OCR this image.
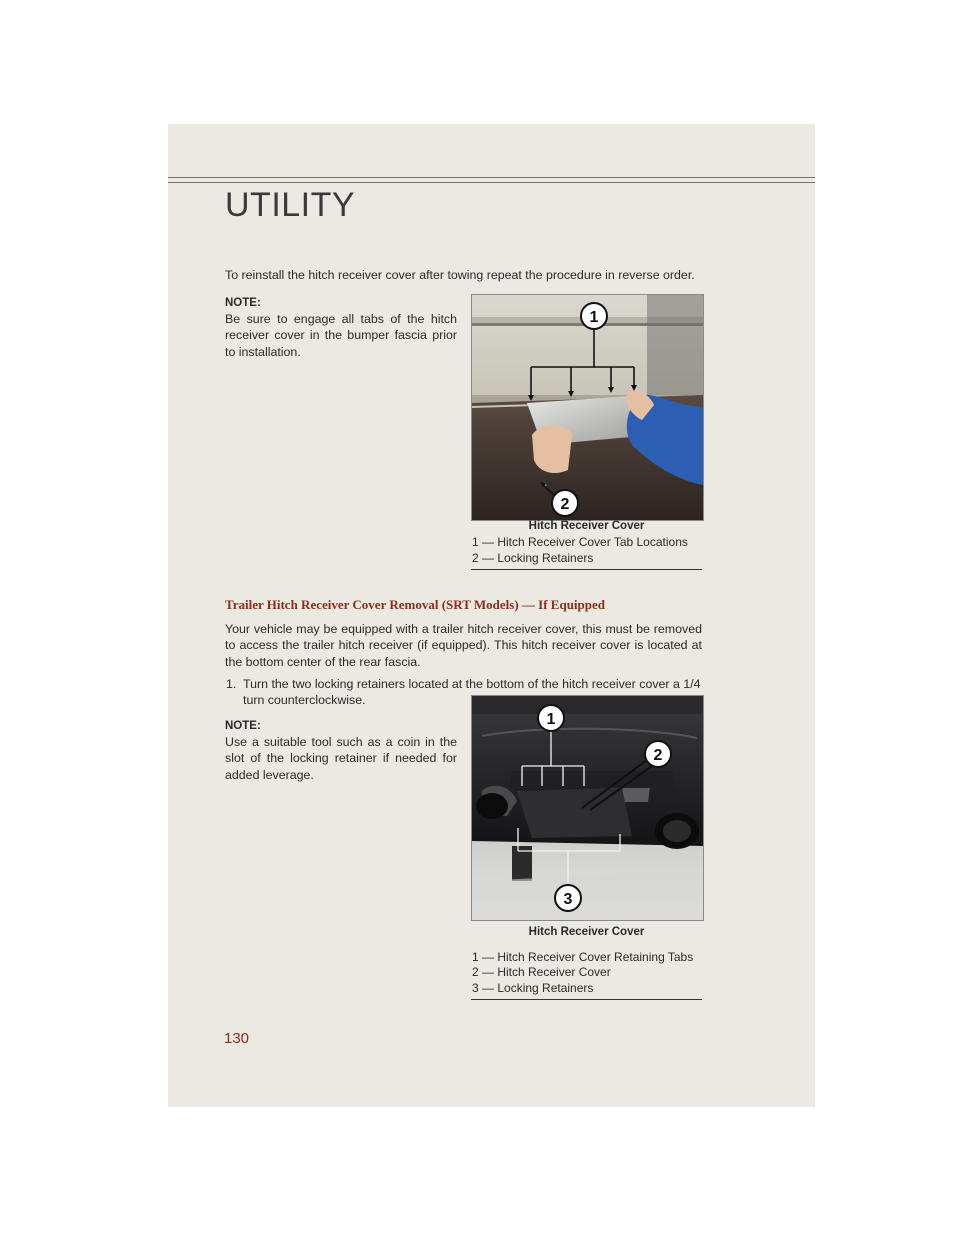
UTILITY

To reinstall the hitch receiver cover after towing repeat the procedure in reverse order.

NOTE:

Be sure to engage all tabs of the hitch receiver cover in the bumper fascia prior to installation.

1
2

Hitch Receiver Cover

1 — Hitch Receiver Cover Tab Locations

2 — Locking Retainers

Trailer Hitch Receiver Cover Removal (SRT Models) — If Equipped

Your vehicle may be equipped with a trailer hitch receiver cover, this must be removed to access the trailer hitch receiver (if equipped). This hitch receiver cover is located at the bottom center of the rear fascia.

1. Turn the two locking retainers located at the bottom of the hitch receiver cover a 1/4 turn counterclockwise.

NOTE:

Use a suitable tool such as a coin in the slot of the locking retainer if needed for added leverage.

1
2
3

Hitch Receiver Cover

1 — Hitch Receiver Cover Retaining Tabs

2 — Hitch Receiver Cover

3 — Locking Retainers

130
